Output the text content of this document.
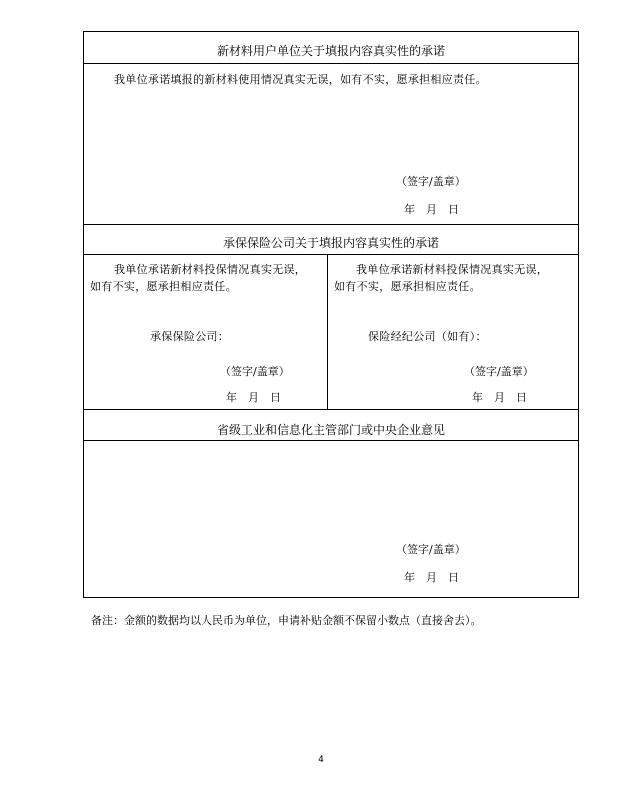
新材料用户单位关于填报内容真实性的承诺
我单位承诺填报的新材料使用情况真实无误，如有不实，愿承担相应责任。
（签字/盖章）
年　月　日
承保保险公司关于填报内容真实性的承诺
我单位承诺新材料投保情况真实无误，
如有不实，愿承担相应责任。
承保保险公司：
（签字/盖章）
年　月　日
我单位承诺新材料投保情况真实无误，
如有不实，愿承担相应责任。
保险经纪公司（如有）：
（签字/盖章）
年　月　日
省级工业和信息化主管部门或中央企业意见
（签字/盖章）
年　月　日
备注：金额的数据均以人民币为单位，申请补贴金额不保留小数点（直接舍去）。
4
